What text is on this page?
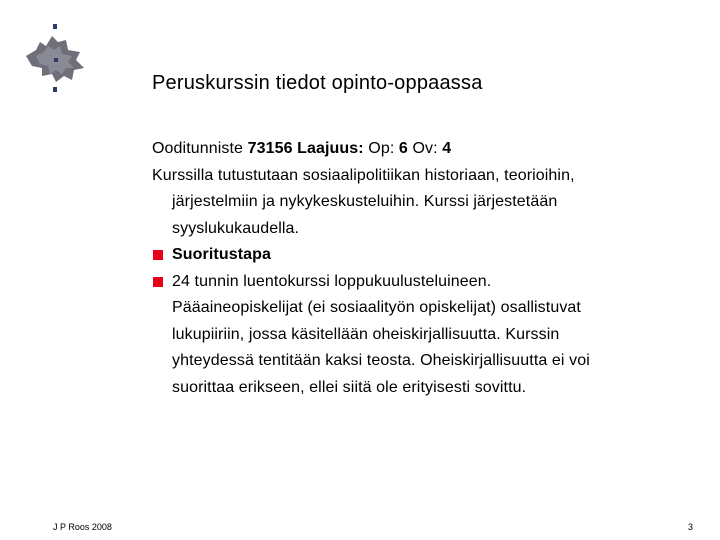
Peruskurssin tiedot opinto-oppaassa
Ooditunniste 73156 Laajuus: Op: 6 Ov: 4
Kurssilla tutustutaan sosiaalipolitiikan historiaan, teorioihin,
järjestelmiin ja nykykeskusteluihin. Kurssi järjestetään
syyslukukaudella.
Suoritustapa
24 tunnin luentokurssi loppukuulusteluineen.
Pääaineopiskelijat (ei sosiaalityön opiskelijat) osallistuvat
lukupiiriin, jossa käsitellään oheiskirjallisuutta. Kurssin
yhteydessä tentitään kaksi teosta. Oheiskirjallisuutta ei voi
suorittaa erikseen, ellei siitä ole erityisesti sovittu.
J P Roos 2008	3
